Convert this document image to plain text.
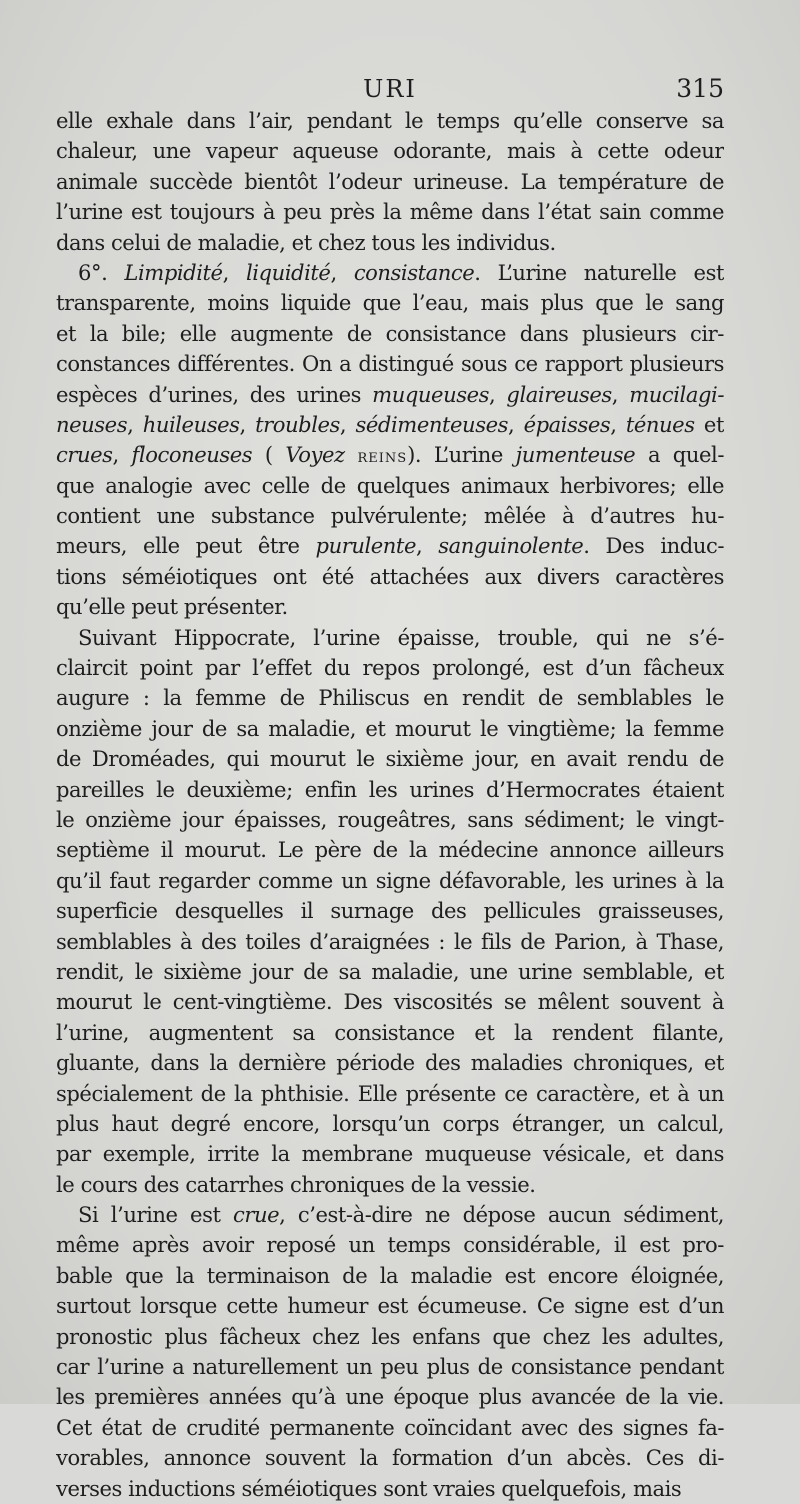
URI	315
elle exhale dans l’air, pendant le temps qu’elle conserve sa
chaleur, une vapeur aqueuse odorante, mais à cette odeur
animale succède bientôt l’odeur urineuse. La température de
l’urine est toujours à peu près la même dans l’état sain comme
dans celui de maladie, et chez tous les individus.
6°. Limpidité, liquidité, consistance. L’urine naturelle est
transparente, moins liquide que l’eau, mais plus que le sang
et la bile; elle augmente de consistance dans plusieurs cir-
constances différentes. On a distingué sous ce rapport plusieurs
espèces d’urines, des urines muqueuses, glaireuses, mucilagi-
neuses, huileuses, troubles, sédimenteuses, épaisses, ténues et
crues, floconeuses ( Voyez reins). L’urine jumenteuse a quel-
que analogie avec celle de quelques animaux herbivores; elle
contient une substance pulvérulente; mêlée à d’autres hu-
meurs, elle peut être purulente, sanguinolente. Des induc-
tions séméiotiques ont été attachées aux divers caractères
qu’elle peut présenter.
Suivant Hippocrate, l’urine épaisse, trouble, qui ne s’é-
claircit point par l’effet du repos prolongé, est d’un fâcheux
augure : la femme de Philiscus en rendit de semblables le
onzième jour de sa maladie, et mourut le vingtième; la femme
de Droméades, qui mourut le sixième jour, en avait rendu de
pareilles le deuxième; enfin les urines d’Hermocrates étaient
le onzième jour épaisses, rougeâtres, sans sédiment; le vingt-
septième il mourut. Le père de la médecine annonce ailleurs
qu’il faut regarder comme un signe défavorable, les urines à la
superficie desquelles il surnage des pellicules graisseuses,
semblables à des toiles d’araignées : le fils de Parion, à Thase,
rendit, le sixième jour de sa maladie, une urine semblable, et
mourut le cent-vingtième. Des viscosités se mêlent souvent à
l’urine, augmentent sa consistance et la rendent filante,
gluante, dans la dernière période des maladies chroniques, et
spécialement de la phthisie. Elle présente ce caractère, et à un
plus haut degré encore, lorsqu’un corps étranger, un calcul,
par exemple, irrite la membrane muqueuse vésicale, et dans
le cours des catarrhes chroniques de la vessie.
Si l’urine est crue, c’est-à-dire ne dépose aucun sédiment,
même après avoir reposé un temps considérable, il est pro-
bable que la terminaison de la maladie est encore éloignée,
surtout lorsque cette humeur est écumeuse. Ce signe est d’un
pronostic plus fâcheux chez les enfans que chez les adultes,
car l’urine a naturellement un peu plus de consistance pendant
les premières années qu’à une époque plus avancée de la vie.
Cet état de crudité permanente coïncidant avec des signes fa-
vorables, annonce souvent la formation d’un abcès. Ces di-
verses inductions séméiotiques sont vraies quelquefois, mais
